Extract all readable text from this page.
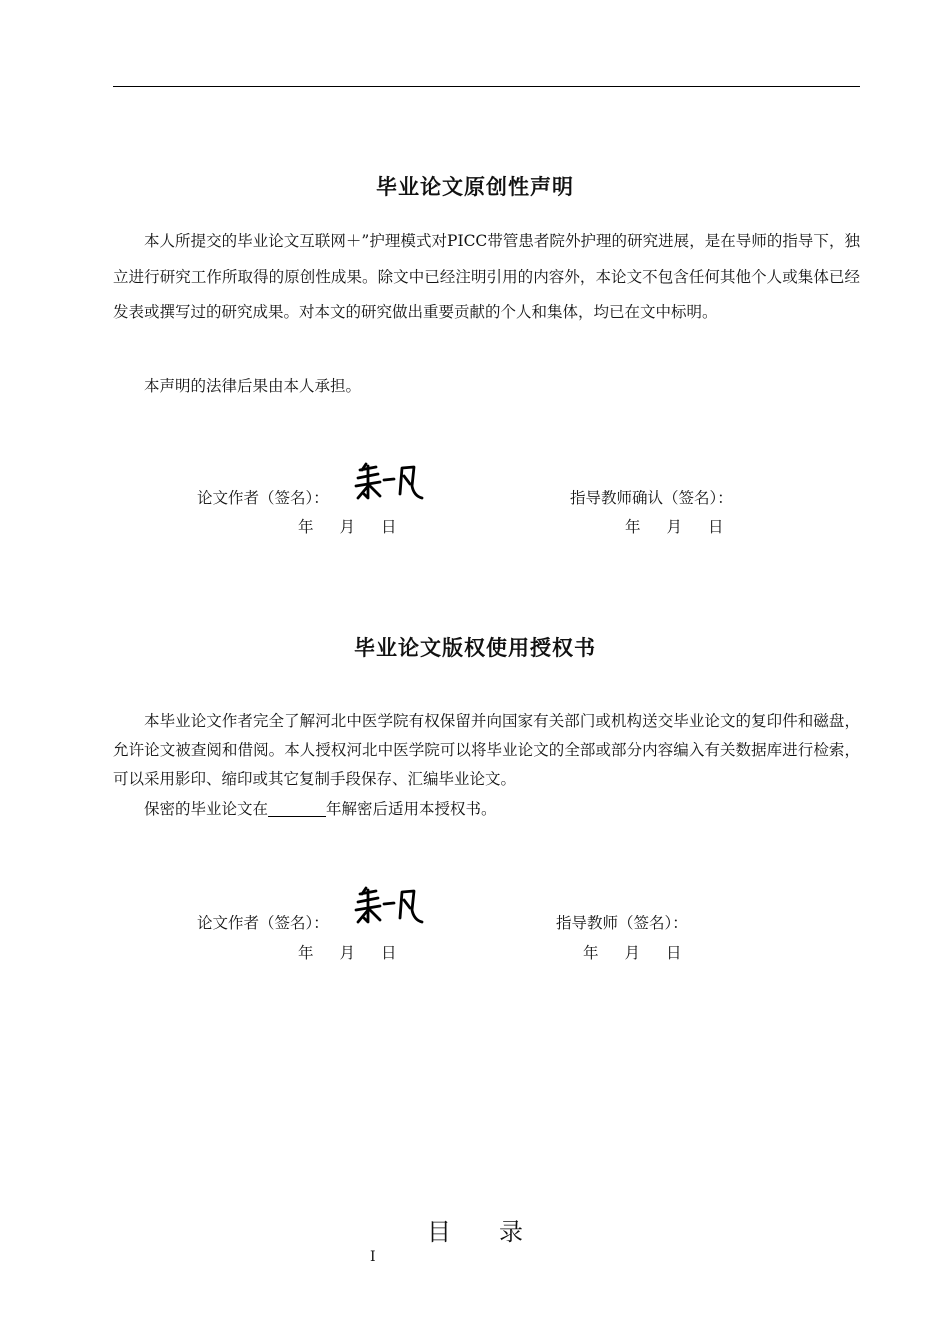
毕业论文原创性声明
本人所提交的毕业论文互联网＋”护理模式对PICC带管患者院外护理的研究进展，是在导师的指导下，独立进行研究工作所取得的原创性成果。除文中已经注明引用的内容外，本论文不包含任何其他个人或集体已经发表或撰写过的研究成果。对本文的研究做出重要贡献的个人和集体，均已在文中标明。
本声明的法律后果由本人承担。
论文作者（签名）：	指导教师确认（签名）：
年 月 日	年 月 日
毕业论文版权使用授权书
本毕业论文作者完全了解河北中医学院有权保留并向国家有关部门或机构送交毕业论文的复印件和磁盘，允许论文被查阅和借阅。本人授权河北中医学院可以将毕业论文的全部或部分内容编入有关数据库进行检索，可以采用影印、缩印或其它复制手段保存、汇编毕业论文。
保密的毕业论文在	年解密后适用本授权书。
论文作者（签名）：	指导教师（签名）：
年 月 日	年 月 日
目 录
I
